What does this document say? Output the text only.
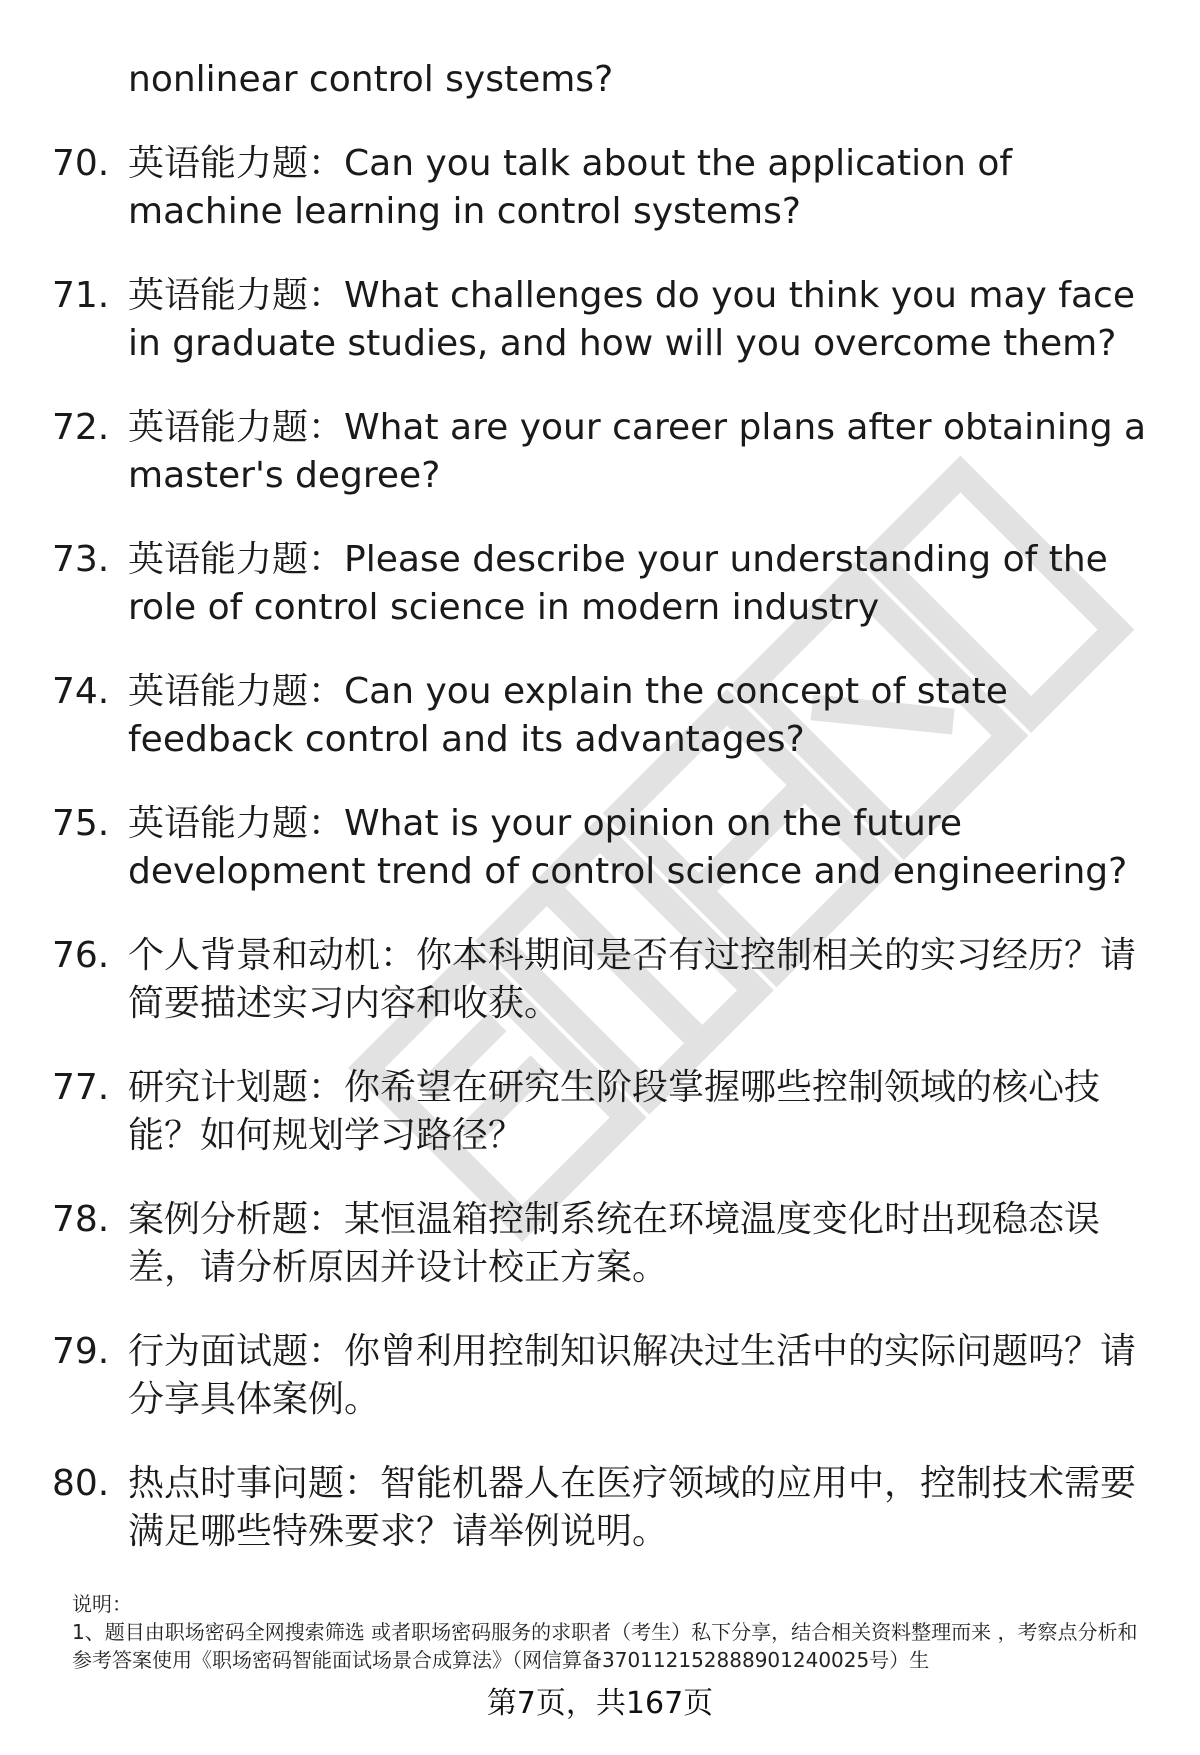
nonlinear control systems?
70. 英语能力题：Can you talk about the application of machine learning in control systems?
71. 英语能力题：What challenges do you think you may face in graduate studies, and how will you overcome them?
72. 英语能力题：What are your career plans after obtaining a master's degree?
73. 英语能力题：Please describe your understanding of the role of control science in modern industry
74. 英语能力题：Can you explain the concept of state feedback control and its advantages?
75. 英语能力题：What is your opinion on the future development trend of control science and engineering?
76. 个人背景和动机：你本科期间是否有过控制相关的实习经历？请简要描述实习内容和收获。
77. 研究计划题：你希望在研究生阶段掌握哪些控制领域的核心技能？如何规划学习路径？
78. 案例分析题：某恒温箱控制系统在环境温度变化时出现稳态误差，请分析原因并设计校正方案。
79. 行为面试题：你曾利用控制知识解决过生活中的实际问题吗？请分享具体案例。
80. 热点时事问题：智能机器人在医疗领域的应用中，控制技术需要满足哪些特殊要求？请举例说明。
说明：
1、题目由职场密码全网搜索筛选 或者职场密码服务的求职者（考生）私下分享，结合相关资料整理而来 ，考察点分析和参考答案使用《职场密码智能面试场景合成算法》（网信算备370112152888901240025号）生
第7页，共167页
